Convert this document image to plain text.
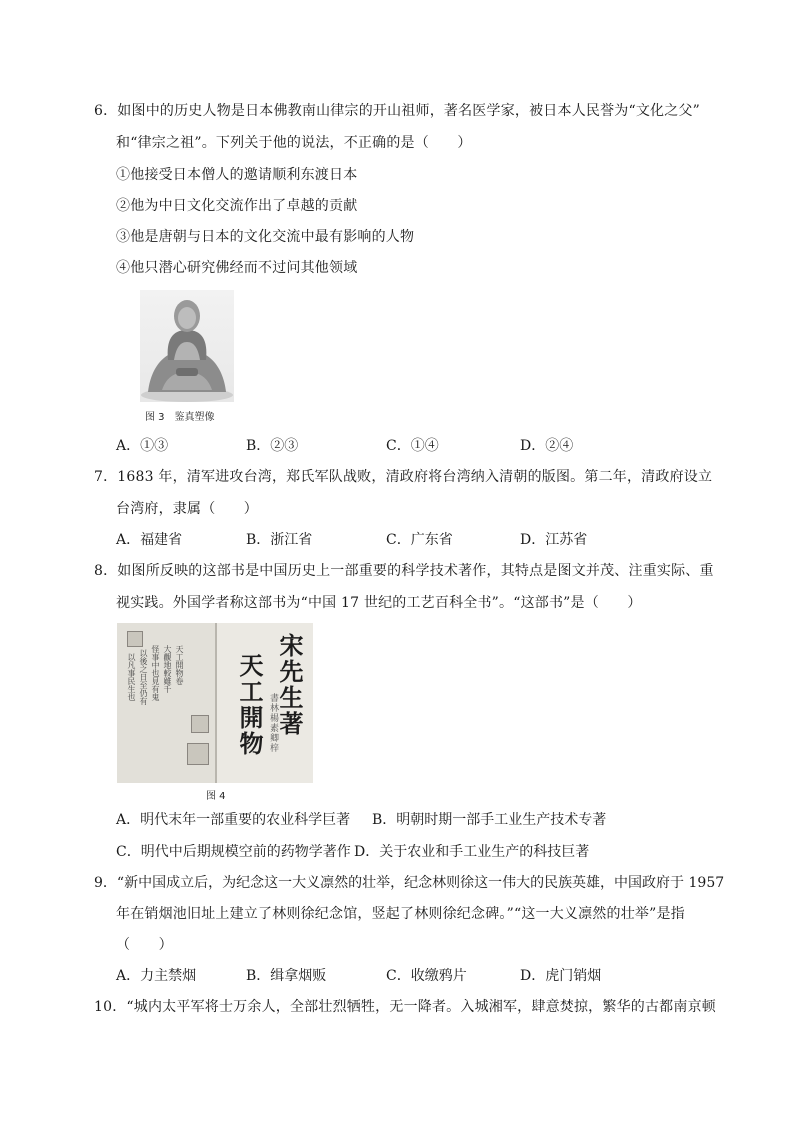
6．如图中的历史人物是日本佛教南山律宗的开山祖师，著名医学家，被日本人民誉为“文化之父”
和“律宗之祖”。下列关于他的说法，不正确的是（　　）
①他接受日本僧人的邀请顺利东渡日本
②他为中日文化交流作出了卓越的贡献
③他是唐朝与日本的文化交流中最有影响的人物
④他只潜心研究佛经而不过问其他领域
图 3　鉴真塑像
A．①③	B．②③	C．①④	D．②④
7．1683 年，清军进攻台湾，郑氏军队战败，清政府将台湾纳入清朝的版图。第二年，清政府设立
台湾府，隶属（　　）
A．福建省	B．浙江省	C．广东省	D．江苏省
8．如图所反映的这部书是中国历史上一部重要的科学技术著作，其特点是图文并茂、注重实际、重
视实践。外国学者称这部书为“中国 17 世纪的工艺百科全书”。“这部书”是（　　）
天工開物卷
大觀地較雖千
怪事中也見有鬼
以後之日至仍有
以凡事民生也	宋先生著
天工開物 書林楊素卿梓
图 4
A．明代末年一部重要的农业科学巨著 B．明朝时期一部手工业生产技术专著
C．明代中后期规模空前的药物学著作 D．关于农业和手工业生产的科技巨著
9．“新中国成立后，为纪念这一大义凛然的壮举，纪念林则徐这一伟大的民族英雄，中国政府于 1957
年在销烟池旧址上建立了林则徐纪念馆，竖起了林则徐纪念碑。”“这一大义凛然的壮举”是指
（　　）
A．力主禁烟	B．缉拿烟贩	C．收缴鸦片	D．虎门销烟
10．“城内太平军将士万余人，全部壮烈牺牲，无一降者。入城湘军，肆意焚掠，繁华的古都南京顿
